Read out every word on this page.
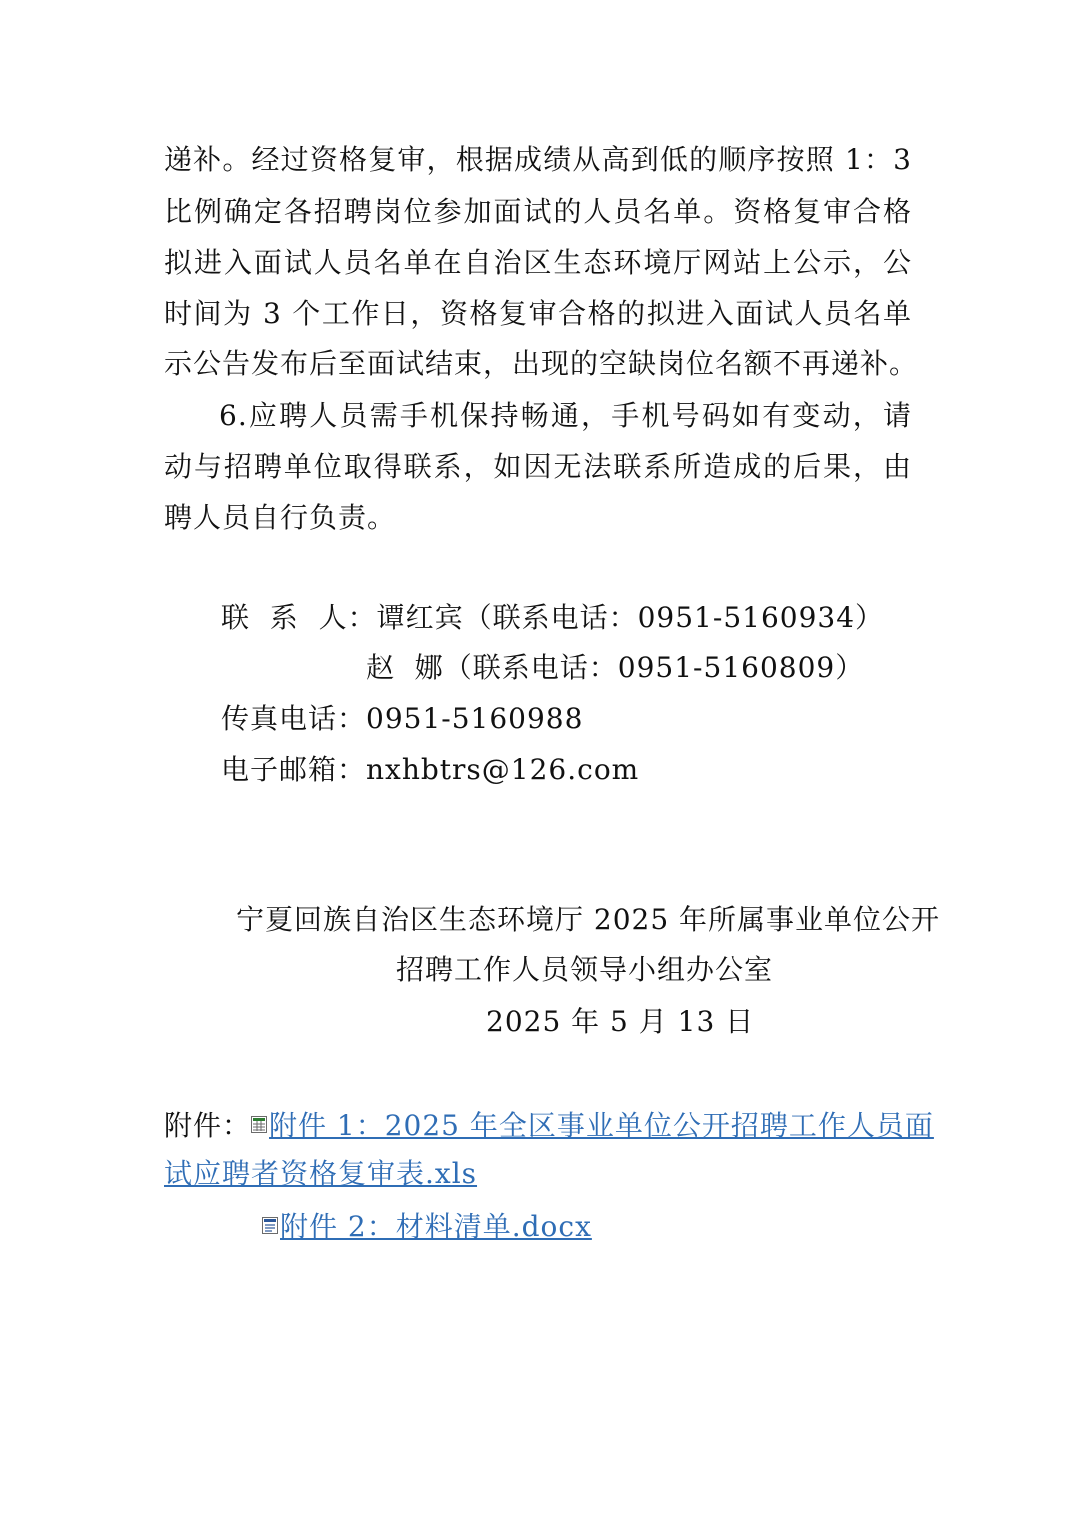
递补。经过资格复审，根据成绩从高到低的顺序按照 1：3
比例确定各招聘岗位参加面试的人员名单。资格复审合格
拟进入面试人员名单在自治区生态环境厅网站上公示，公
时间为 3 个工作日，资格复审合格的拟进入面试人员名单
示公告发布后至面试结束，出现的空缺岗位名额不再递补。
6.应聘人员需手机保持畅通，手机号码如有变动，请
动与招聘单位取得联系，如因无法联系所造成的后果，由
聘人员自行负责。
联  系  人：谭红宾（联系电话：0951-5160934）
赵  娜（联系电话：0951-5160809）
传真电话：0951-5160988
电子邮箱：nxhbtrs@126.com
宁夏回族自治区生态环境厅 2025 年所属事业单位公开
招聘工作人员领导小组办公室
2025 年 5 月 13 日
附件： 附件 1：2025 年全区事业单位公开招聘工作人员面
试应聘者资格复审表.xls
附件 2：材料清单.docx
